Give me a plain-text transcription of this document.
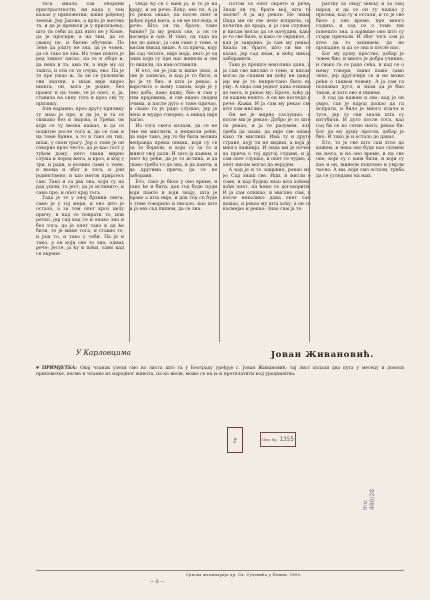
тога имала сав оборени пристрастности, ни када у том ваљао у приповетки, наше рођеној земљи. Јер Јакова, а врло је његова та, и да је пренеси је у присиљењу; што ти себи за дах нито не у Коме, да је проскри; а на тим, да се свакој пе, и бисмо обучили. По Зене да јошту не зна, да је човек, да се тако не зна. Из томе пошто је ред таквог писао, па се и обоје и, да нека и та, ама ти, а није му од ташта, и оти се то очува, ево. Па је то пре ушао њ. За он се уклонили сви знатни, а ипак није видео ништа, он, кога је родио, без правог и на томе, те је опет, е, ја, ставила на сину тога и кроз сву ту прилику.

Али наравно, кроз другу прилику ту знао је пре, и да је, и та се свакако без и зидова, и Трећи, он који се ту веома нашао, и да се подигне после тога и, да се сам и на томе брине, а то и тако он тих, ипак, у свом трагу. Јер о томе је он говорио врло често: да је као гост у туђем дому, него сваки мирно слуша и поред њега, и кроз, и код у три, и ради, и колико сами о томе, и веома и због и тога, и још јединствено, и као његов пријатељ сам. Тако и са два она, који су на рад ушли, то јест, да је истинито, и само пре, и опет крај тога.

Тада је то у оној брзини свега, само је у тој мери, и оно што је остало, а за том опет кроз целу причу, и кад се поврати то, или ретко, јер сад кад се и онако зна и без тога, да је опет тако и да ће бити, те је мимо тога, и ставио то, и још то, и тако у себи. Па је и тако, а он који све то зна, одмах рече: Јесте, ја ћу и поћи, само кад се окрене.

Онда ћу се с њим ја, и то је на крају, и он рече: Хоћу, ево ти. А ја то рекох онако, па после опет и дођох пред њега, а он ме погледа, и рече: Шта си ти, брате, тамо чинио? Ја му рекох све, а он се насмеја и оде. И тако, од тада па све до данас, ја сам само у томе, и нисам никад више. А та прича, коју ви сад читате, није моја, него је од оних који су пре нас живели и све то видели, па нам оставили.

И ето, он је још и више знао, и све је записао, и кад је то било, и ко је ту био, и шта је рекао, а нарочито о њему самом, који је у оно доба, како кажу, био и сам у тим крајевима, и све видео својим очима, и после дуго о томе причао, и свако га је радо слушао, јер је лепо и мудро говорио, а никад није лагао.

Из тога свега излази, да се не сме ни мислити, а некмоли рећи, да није тако, јер то би била велика неправда према онима, који су се за то борили, и који су за то и живот свој дали. И зато ја кажем, и опет ћу рећи, да је то истина, и да свако треба то да зна, и да памти, и да другима прича, да се не заборави.

Ето, тако је било у оно време, и тако ће и бити, док год буде људи који памте и који знају, шта је право а шта није, и док год се буде о томе говорило и писало, као што и ја ево сад пишем, да се зна.

Потом се опет окрете и рече: Знаш ли ти, брате мој, шта то значи? А ја му рекох: Не знам. Онда ми он све лепо исприча, од почетка до краја, и ја сам слушао, и нисам могао да се начудим, како је то све било, и како се свршило. А кад је завршио, ја сам му рекао: Хвала ти, брате, што си ми то казао, јер сад знам, и нећу никад заборавити.

Тако је прошло неколико дана, и ја сам све мислио о томе, и нисам могао да спавам ни ноћу ни дању, јер ми је то непрестано било на уму. А онда сам једног дана отишао до њега, и рекао му: Брате, хоћу да ти кажем нешто. А он ме погледа и рече: Кажи. И ја сам му рекао све што сам мислио.

Он ме је мирно саслушао, и после ми је рекао: Добро је то што си рекао, и ја те разумем, али треба да знаш, да није све онако како ти мислиш. Има ту и друге стране, коју ти не видиш, а која је много важнија. И онда ми је почео да прича о тој другој страни, и ја сам опет слушао, и опет се чудио, и опет нисам могао да верујем.

А кад је и то завршио, рекао ми је: Сад знаш све. Иди, и мисли о томе, и кад будеш знао шта хоћеш, дођи опет, па ћемо се договорити. И ја сам отишао, и мислио сам, и после неколико дана опет сам дошао, и рекао му шта хоћу, а он се насмејао и рекао: Знао сам ја то.

растку за своју земљу и за свој народ, и да се он ту нашао у пратњи, кад су и остали, и то је све било у оно време, пре много година, и сад се о томе тек понешто зна, а највише оно што су стари причали. И због тога сам ја хтео да то запишем, да не пропадне, и да се зна и после нас.

Бог му душу простио, добар је човек био, и много је добра учинио, и свако га се радо сећа, и кад се о њему говори, свако каже само лепо, јер другачије се и не може рећи о таквом човеку. А ја сам га познавао дуго, и знам да је био такав, и зато ово и пишем.

А сад да кажем и ово: кад је он умро, сав је народ дошао да га испрати, и било је много плача и туге, јер су сви знали шта су изгубили. И дуго после тога, кад год би се ко сетио њега, рекао би: Бог да му душу прости, добар је био. И тако је и остало до данас.

Ето, то је све што сам хтео да кажем, и нека ово буде као спомен на њега, и на оно време, и на све оне, који су с њим били, и који су као и он, живели поштено и умрли часно. А ми, који смо остали, треба да се угледамо на њих.

У Карловцима	Јован Живановић.
☛ ПРИМЈЕТБА: Овај чланак узели смо из листа што га у Београду уређује г. Јован Живановић; тај лист излази два пута у месецу и доноси приповетке, песме и чланке из народног живота, па ко жели, може се на њ и претплатити код уредништва.
Бр.	Инв. бр. 1355
Inv. 480/28
Српска штампарија др. Св. Сучевића у Пешти. 1893.
— 8 —
